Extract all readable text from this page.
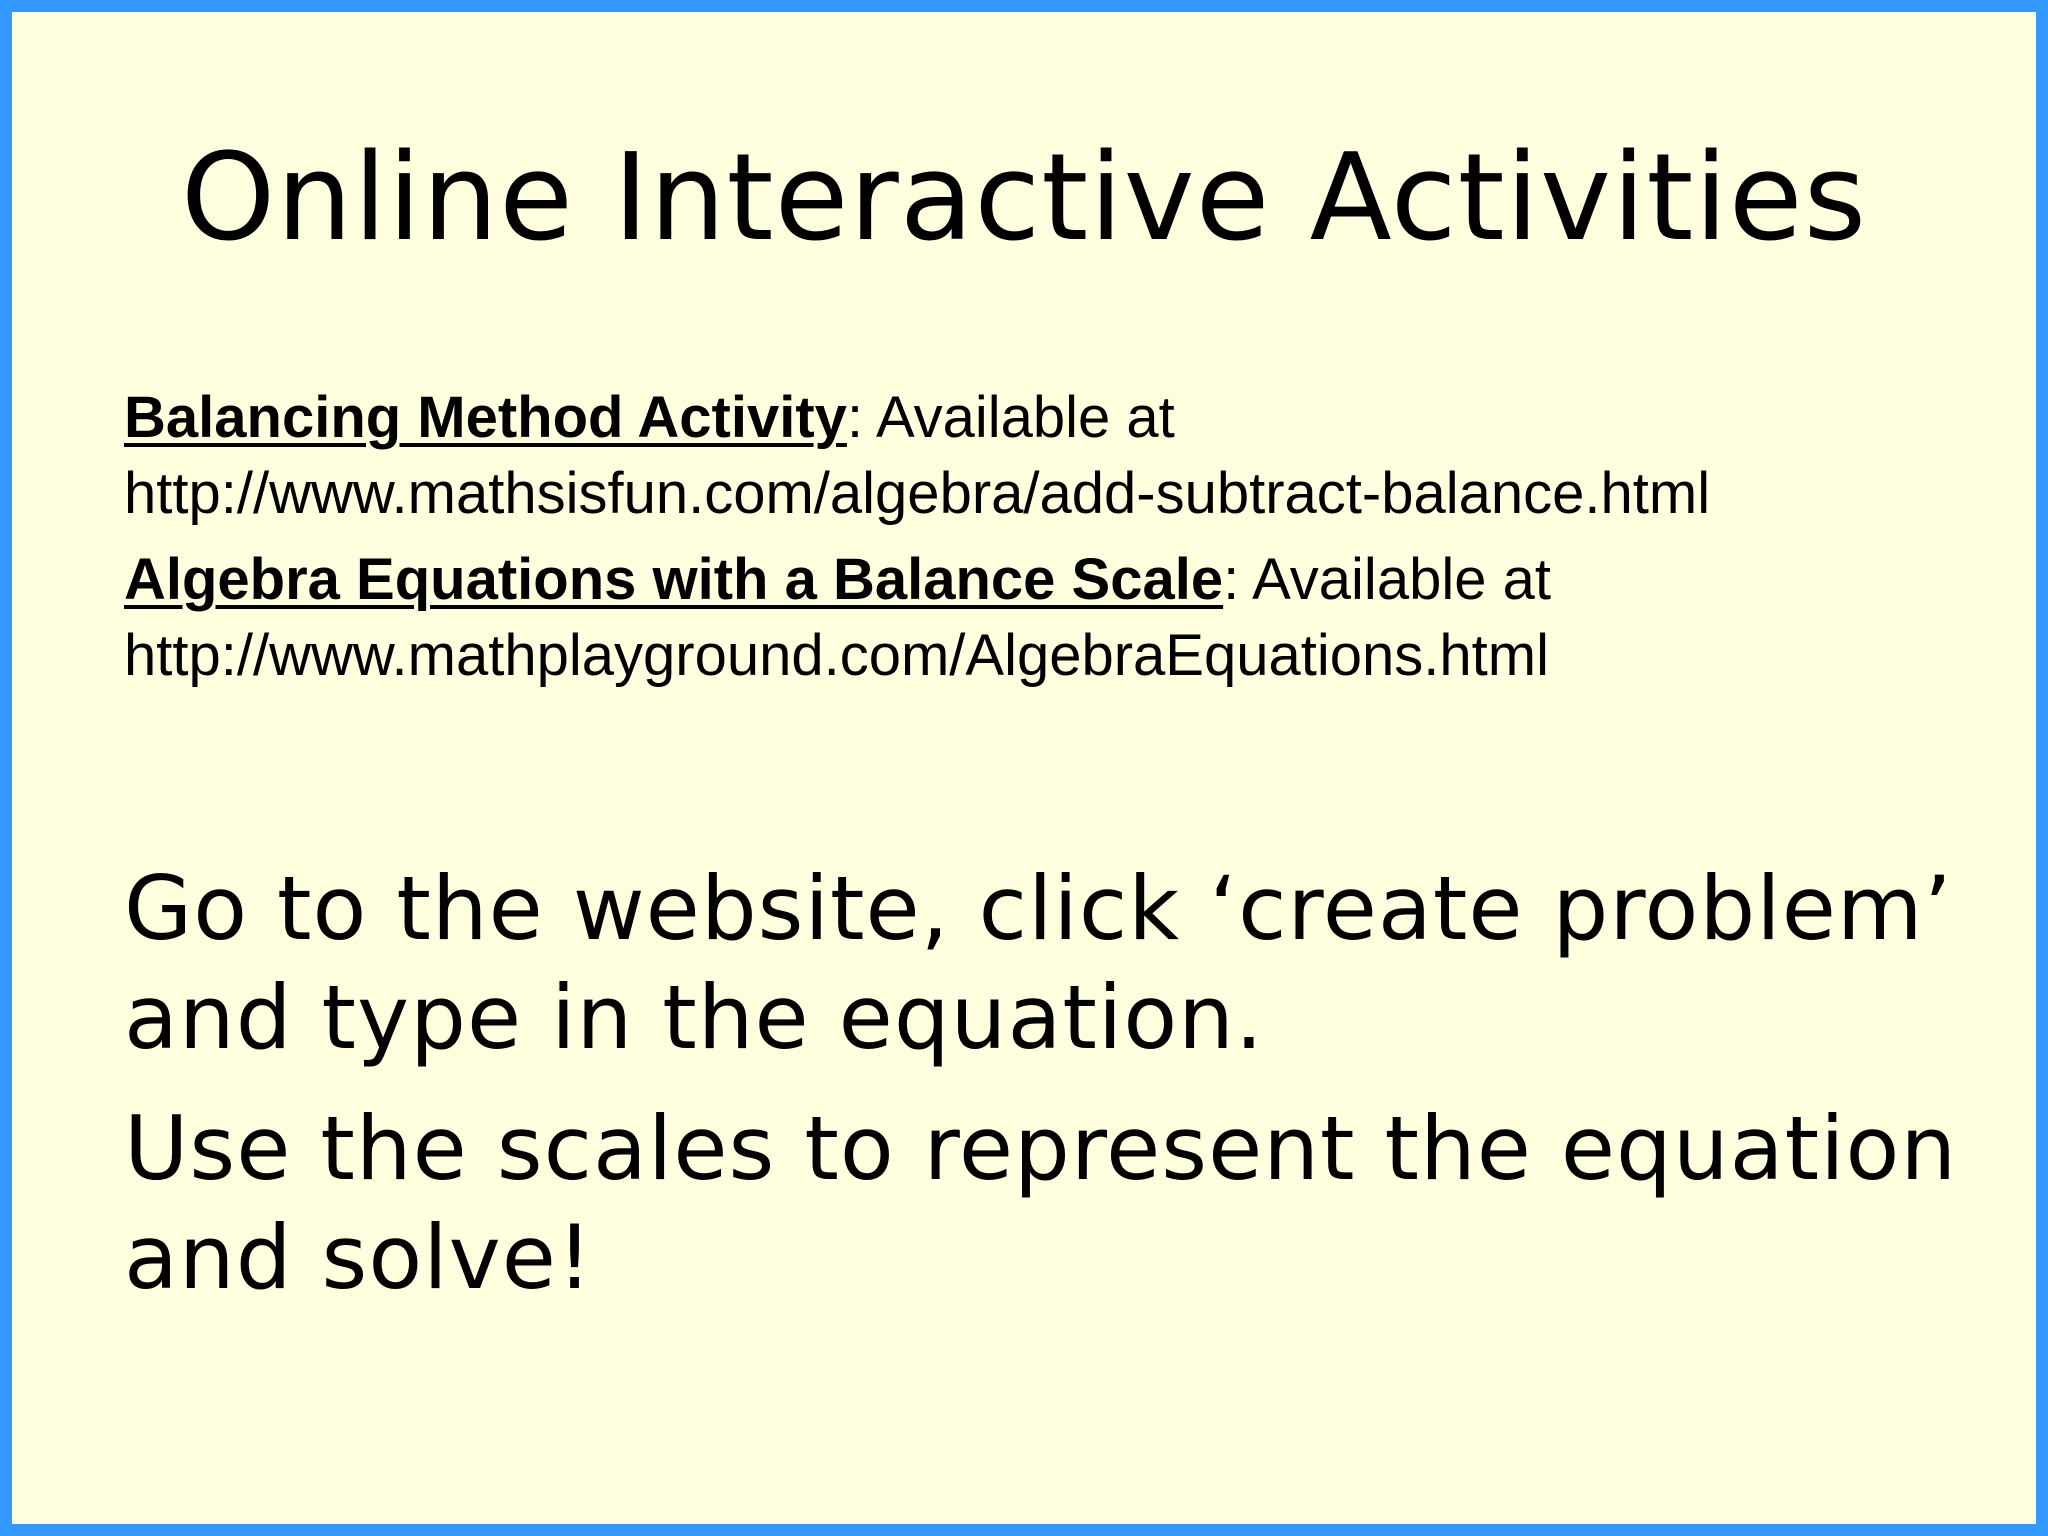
Online Interactive Activities

Balancing Method Activity: Available at
http://www.mathsisfun.com/algebra/add-subtract-balance.html

Algebra Equations with a Balance Scale: Available at
http://www.mathplayground.com/AlgebraEquations.html

Go to the website, click ‘create problem’ and type in the equation.

Use the scales to represent the equation and solve!
